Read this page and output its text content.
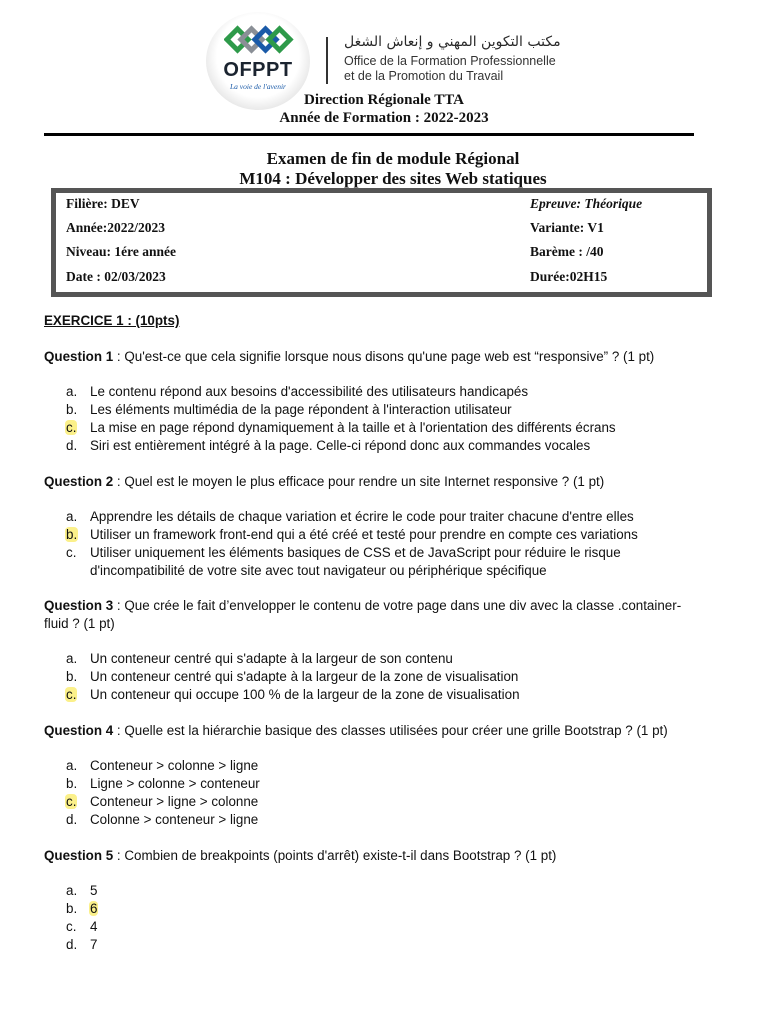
OFPPT
La voie de l'avenir
مكتب التكوين المهني و إنعاش الشغل
Office de la Formation Professionnelle
et de la Promotion du Travail
Direction Régionale TTA
Année de Formation : 2022-2023
Examen de fin de module Régional
M104 : Développer des sites Web statiques
Filière: DEV
Année:2022/2023
Niveau: 1ére année
Date : 02/03/2023
Epreuve: Théorique
Variante: V1
Barème : /40
Durée:02H15
EXERCICE 1 : (10pts)
Question 1 : Qu'est-ce que cela signifie lorsque nous disons qu'une page web est “responsive” ? (1 pt)
a. Le contenu répond aux besoins d'accessibilité des utilisateurs handicapés
b. Les éléments multimédia de la page répondent à l'interaction utilisateur
c. La mise en page répond dynamiquement à la taille et à l'orientation des différents écrans
d. Siri est entièrement intégré à la page. Celle-ci répond donc aux commandes vocales
Question 2 : Quel est le moyen le plus efficace pour rendre un site Internet responsive ? (1 pt)
a. Apprendre les détails de chaque variation et écrire le code pour traiter chacune d'entre elles
b. Utiliser un framework front-end qui a été créé et testé pour prendre en compte ces variations
c. Utiliser uniquement les éléments basiques de CSS et de JavaScript pour réduire le risque
d'incompatibilité de votre site avec tout navigateur ou périphérique spécifique
Question 3 : Que crée le fait d’envelopper le contenu de votre page dans une div avec la classe .container-
fluid ? (1 pt)
a. Un conteneur centré qui s'adapte à la largeur de son contenu
b. Un conteneur centré qui s'adapte à la largeur de la zone de visualisation
c. Un conteneur qui occupe 100 % de la largeur de la zone de visualisation
Question 4 : Quelle est la hiérarchie basique des classes utilisées pour créer une grille Bootstrap ? (1 pt)
a. Conteneur > colonne > ligne
b. Ligne > colonne > conteneur
c. Conteneur > ligne > colonne
d. Colonne > conteneur > ligne
Question 5 : Combien de breakpoints (points d'arrêt) existe-t-il dans Bootstrap ? (1 pt)
a. 5
b. 6
c. 4
d. 7
